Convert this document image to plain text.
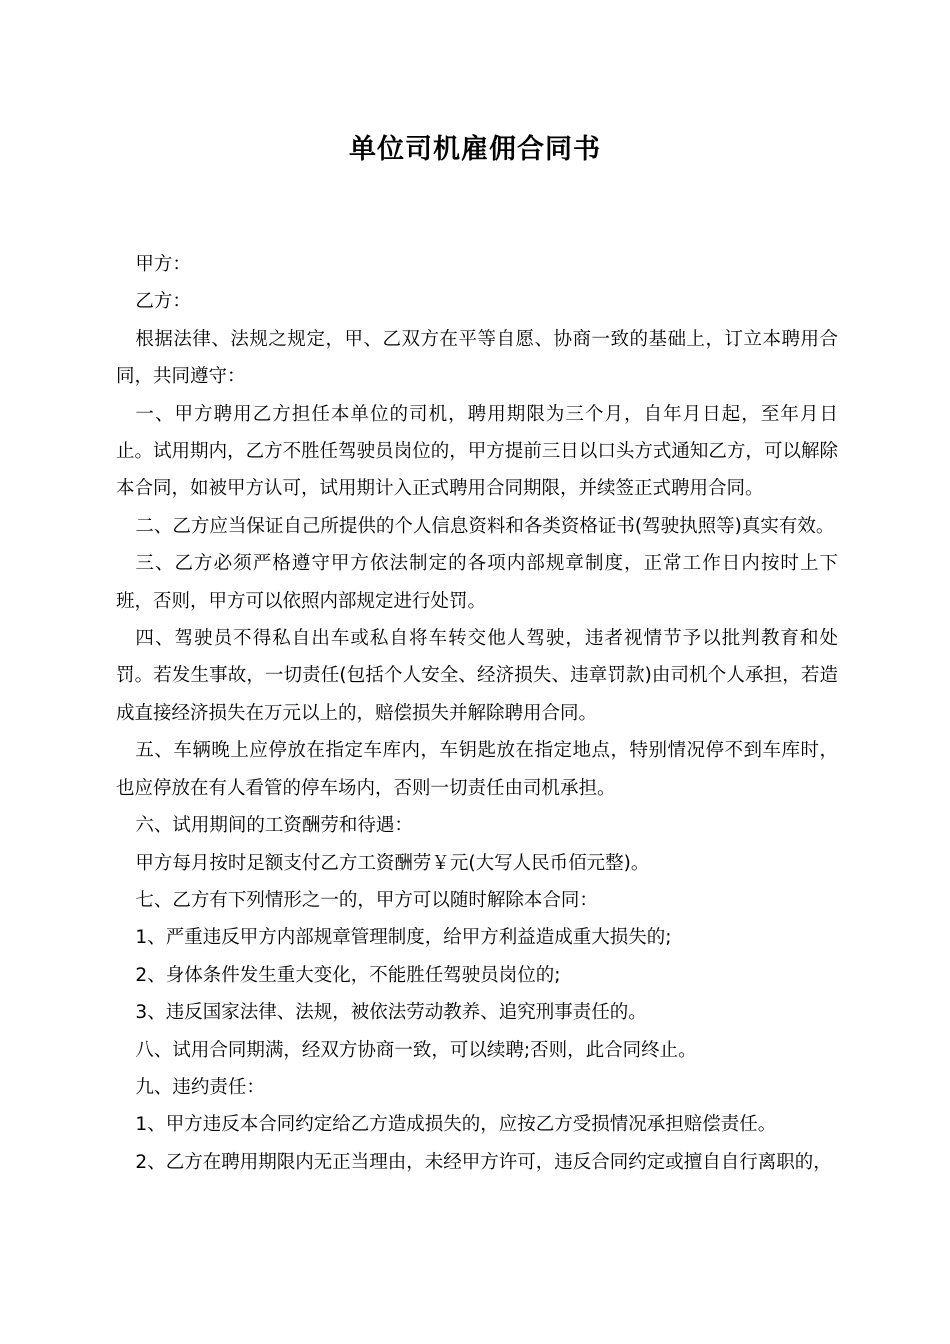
单位司机雇佣合同书

甲方：

乙方：

根据法律、法规之规定，甲、乙双方在平等自愿、协商一致的基础上，订立本聘用合同，共同遵守：

一、甲方聘用乙方担任本单位的司机，聘用期限为三个月，自年月日起，至年月日止。试用期内，乙方不胜任驾驶员岗位的，甲方提前三日以口头方式通知乙方，可以解除本合同，如被甲方认可，试用期计入正式聘用合同期限，并续签正式聘用合同。

二、乙方应当保证自己所提供的个人信息资料和各类资格证书(驾驶执照等)真实有效。

三、乙方必须严格遵守甲方依法制定的各项内部规章制度，正常工作日内按时上下班，否则，甲方可以依照内部规定进行处罚。

四、驾驶员不得私自出车或私自将车转交他人驾驶，违者视情节予以批判教育和处罚。若发生事故，一切责任(包括个人安全、经济损失、违章罚款)由司机个人承担，若造成直接经济损失在万元以上的，赔偿损失并解除聘用合同。

五、车辆晚上应停放在指定车库内，车钥匙放在指定地点，特别情况停不到车库时，也应停放在有人看管的停车场内，否则一切责任由司机承担。

六、试用期间的工资酬劳和待遇：

甲方每月按时足额支付乙方工资酬劳￥元(大写人民币佰元整)。

七、乙方有下列情形之一的，甲方可以随时解除本合同：

1、严重违反甲方内部规章管理制度，给甲方利益造成重大损失的;

2、身体条件发生重大变化，不能胜任驾驶员岗位的;

3、违反国家法律、法规，被依法劳动教养、追究刑事责任的。

八、试用合同期满，经双方协商一致，可以续聘;否则，此合同终止。

九、违约责任：

1、甲方违反本合同约定给乙方造成损失的，应按乙方受损情况承担赔偿责任。

2、乙方在聘用期限内无正当理由，未经甲方许可，违反合同约定或擅自自行离职的，
